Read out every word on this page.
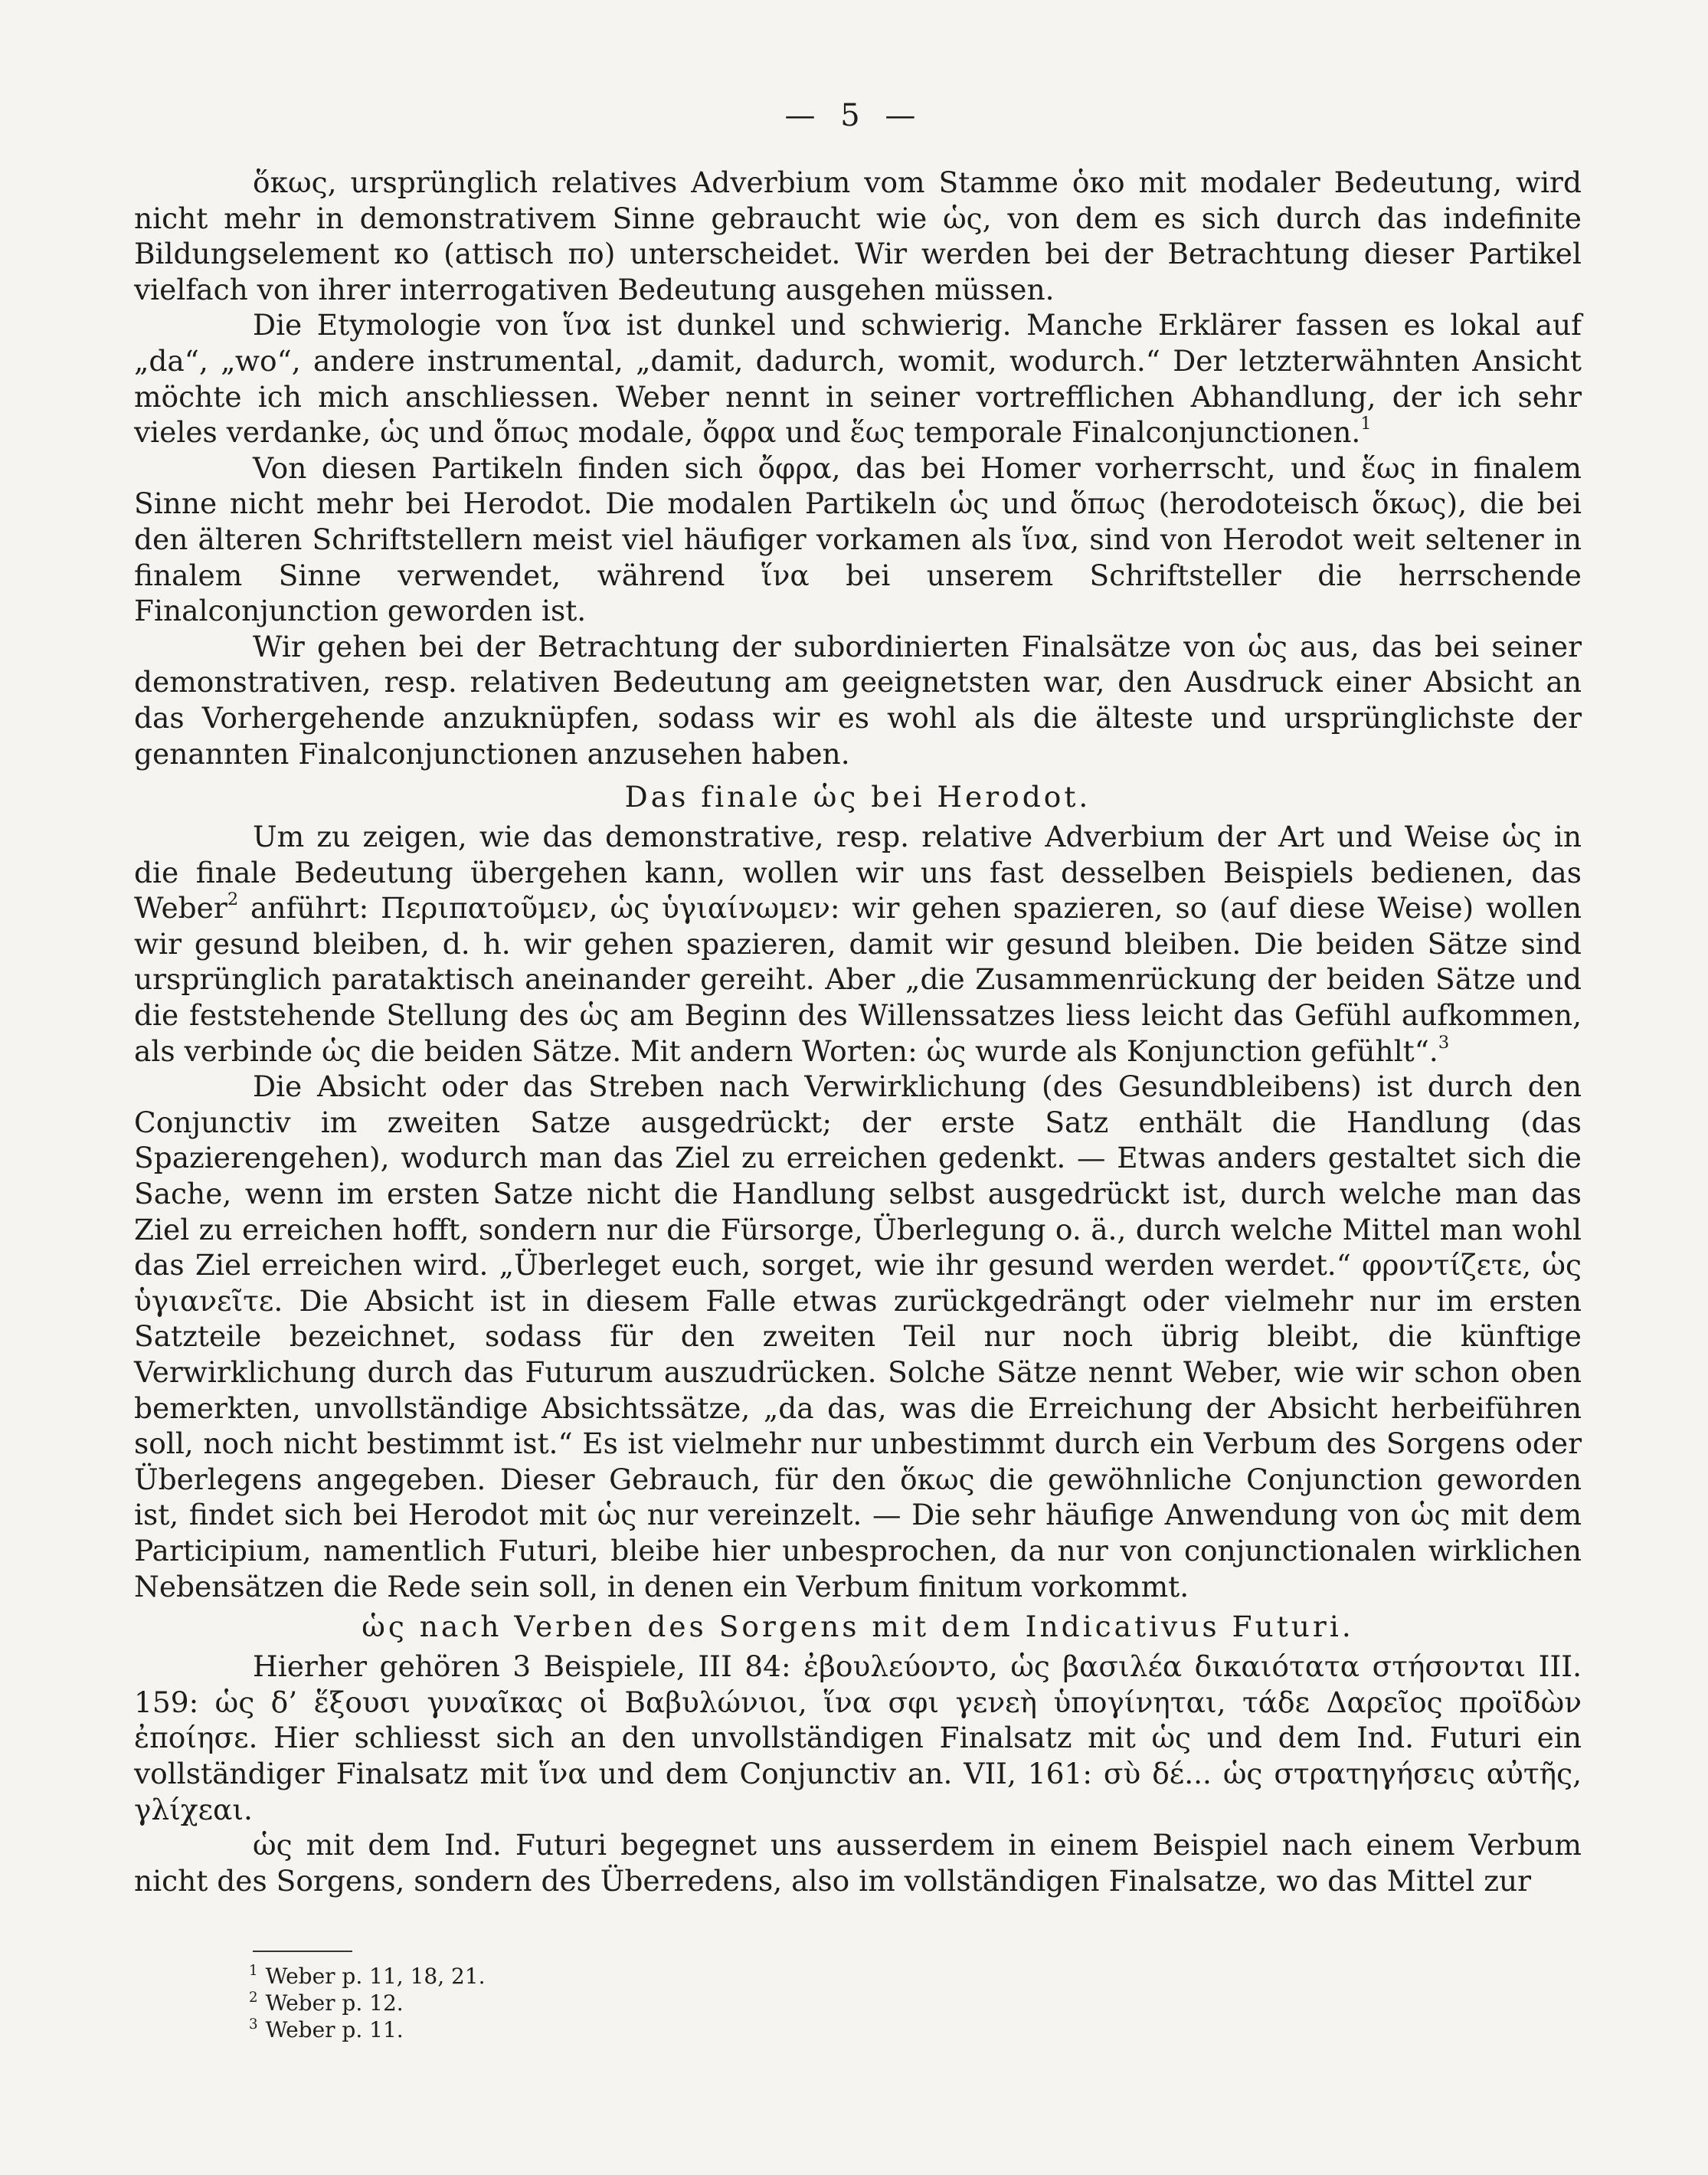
— 5 —

ὅκως, ursprünglich relatives Adverbium vom Stamme ὁκο mit modaler Bedeutung, wird nicht mehr in demonstrativem Sinne gebraucht wie ὡς, von dem es sich durch das indefinite Bildungselement κο (attisch πο) unterscheidet. Wir werden bei der Betrachtung dieser Partikel vielfach von ihrer interrogativen Bedeutung ausgehen müssen.

Die Etymologie von ἵνα ist dunkel und schwierig. Manche Erklärer fassen es lokal auf „da“, „wo“, andere instrumental, „damit, dadurch, womit, wodurch.“ Der letzterwähnten Ansicht möchte ich mich anschliessen. Weber nennt in seiner vortrefflichen Abhandlung, der ich sehr vieles verdanke, ὡς und ὅπως modale, ὄφρα und ἕως temporale Finalconjunctionen.$^1$

Von diesen Partikeln finden sich ὄφρα, das bei Homer vorherrscht, und ἕως in finalem Sinne nicht mehr bei Herodot. Die modalen Partikeln ὡς und ὅπως (herodoteisch ὅκως), die bei den älteren Schriftstellern meist viel häufiger vorkamen als ἵνα, sind von Herodot weit seltener in finalem Sinne verwendet, während ἵνα bei unserem Schriftsteller die herrschende Finalconjunction geworden ist.

Wir gehen bei der Betrachtung der subordinierten Finalsätze von ὡς aus, das bei seiner demonstrativen, resp. relativen Bedeutung am geeignetsten war, den Ausdruck einer Absicht an das Vorhergehende anzuknüpfen, sodass wir es wohl als die älteste und ursprünglichste der genannten Finalconjunctionen anzusehen haben.

Das finale ὡς bei Herodot.

Um zu zeigen, wie das demonstrative, resp. relative Adverbium der Art und Weise ὡς in die finale Bedeutung übergehen kann, wollen wir uns fast desselben Beispiels bedienen, das Weber$^2$ anführt: Περιπατοῦμεν, ὡς ὑγιαίνωμεν: wir gehen spazieren, so (auf diese Weise) wollen wir gesund bleiben, d. h. wir gehen spazieren, damit wir gesund bleiben. Die beiden Sätze sind ursprünglich parataktisch aneinander gereiht. Aber „die Zusammenrückung der beiden Sätze und die feststehende Stellung des ὡς am Beginn des Willenssatzes liess leicht das Gefühl aufkommen, als verbinde ὡς die beiden Sätze. Mit andern Worten: ὡς wurde als Konjunction gefühlt“.$^3$

Die Absicht oder das Streben nach Verwirklichung (des Gesundbleibens) ist durch den Conjunctiv im zweiten Satze ausgedrückt; der erste Satz enthält die Handlung (das Spazierengehen), wodurch man das Ziel zu erreichen gedenkt. — Etwas anders gestaltet sich die Sache, wenn im ersten Satze nicht die Handlung selbst ausgedrückt ist, durch welche man das Ziel zu erreichen hofft, sondern nur die Fürsorge, Überlegung o. ä., durch welche Mittel man wohl das Ziel erreichen wird. „Überleget euch, sorget, wie ihr gesund werden werdet.“ φροντίζετε, ὡς ὑγιανεῖτε. Die Absicht ist in diesem Falle etwas zurückgedrängt oder vielmehr nur im ersten Satzteile bezeichnet, sodass für den zweiten Teil nur noch übrig bleibt, die künftige Verwirklichung durch das Futurum auszudrücken. Solche Sätze nennt Weber, wie wir schon oben bemerkten, unvollständige Absichtssätze, „da das, was die Erreichung der Absicht herbeiführen soll, noch nicht bestimmt ist.“ Es ist vielmehr nur unbestimmt durch ein Verbum des Sorgens oder Überlegens angegeben. Dieser Gebrauch, für den ὅκως die gewöhnliche Conjunction geworden ist, findet sich bei Herodot mit ὡς nur vereinzelt. — Die sehr häufige Anwendung von ὡς mit dem Participium, namentlich Futuri, bleibe hier unbesprochen, da nur von conjunctionalen wirklichen Nebensätzen die Rede sein soll, in denen ein Verbum finitum vorkommt.

ὡς nach Verben des Sorgens mit dem Indicativus Futuri.

Hierher gehören 3 Beispiele, III 84: ἐβουλεύοντο, ὡς βασιλέα δικαιότατα στήσονται III. 159: ὡς δ’ ἕξουσι γυναῖκας οἱ Βαβυλώνιοι, ἵνα σφι γενεὴ ὑπογίνηται, τάδε Δαρεῖος προϊδὼν ἐποίησε. Hier schliesst sich an den unvollständigen Finalsatz mit ὡς und dem Ind. Futuri ein vollständiger Finalsatz mit ἵνα und dem Conjunctiv an. VII, 161: σὺ δέ... ὡς στρατηγήσεις αὐτῆς, γλίχεαι.

ὡς mit dem Ind. Futuri begegnet uns ausserdem in einem Beispiel nach einem Verbum nicht des Sorgens, sondern des Überredens, also im vollständigen Finalsatze, wo das Mittel zur

$^1$ Weber p. 11, 18, 21.
$^2$ Weber p. 12.
$^3$ Weber p. 11.
